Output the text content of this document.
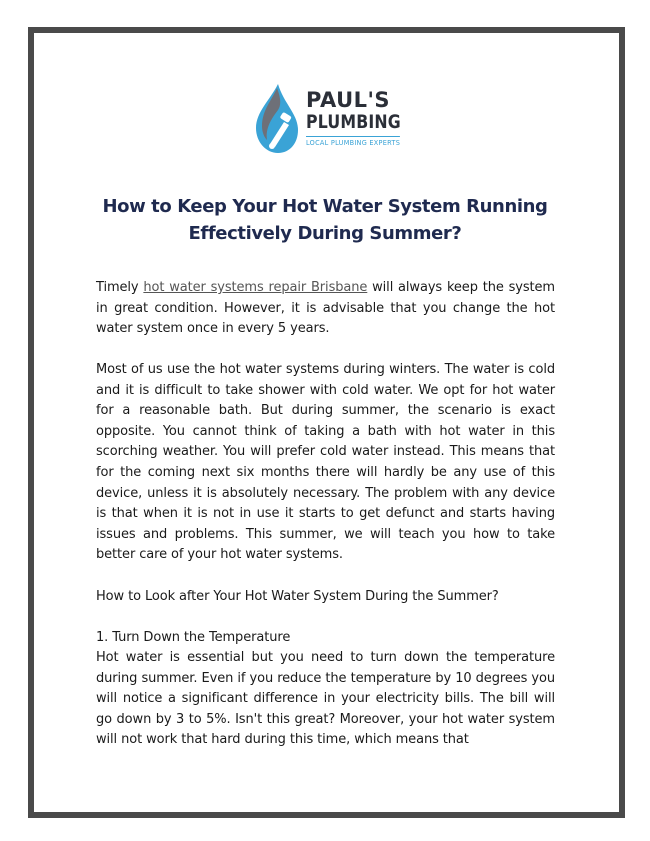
PAUL'S
PLUMBING
LOCAL PLUMBING EXPERTS
How to Keep Your Hot Water System Running Effectively During Summer?

Timely hot water systems repair Brisbane will always keep the system in great condition. However, it is advisable that you change the hot water system once in every 5 years.

Most of us use the hot water systems during winters. The water is cold and it is difficult to take shower with cold water. We opt for hot water for a reasonable bath. But during summer, the scenario is exact opposite. You cannot think of taking a bath with hot water in this scorching weather. You will prefer cold water instead. This means that for the coming next six months there will hardly be any use of this device, unless it is absolutely necessary. The problem with any device is that when it is not in use it starts to get defunct and starts having issues and problems. This summer, we will teach you how to take better care of your hot water systems.

How to Look after Your Hot Water System During the Summer?

1. Turn Down the Temperature

Hot water is essential but you need to turn down the temperature during summer. Even if you reduce the temperature by 10 degrees you will notice a significant difference in your electricity bills. The bill will go down by 3 to 5%. Isn't this great? Moreover, your hot water system will not work that hard during this time, which means that
